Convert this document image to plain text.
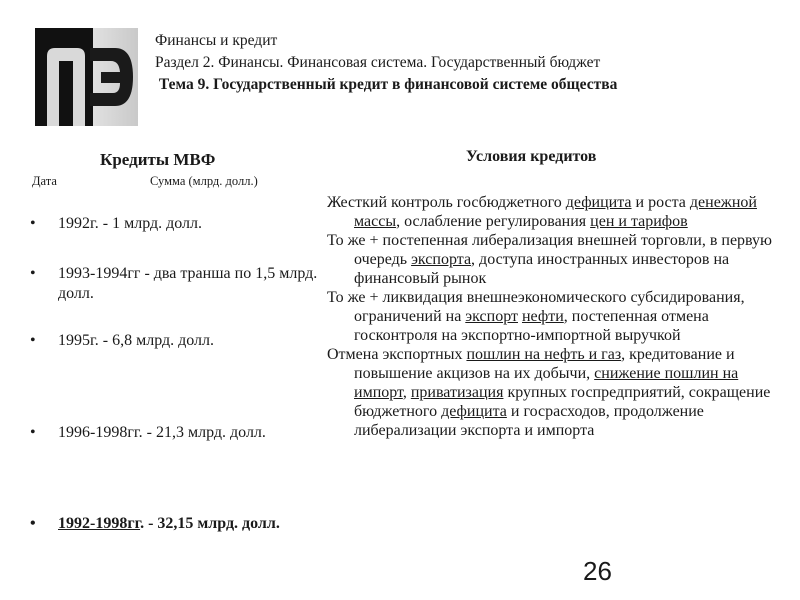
Финансы и кредит
Раздел 2. Финансы. Финансовая система. Государственный бюджет
Тема 9. Государственный кредит в финансовой системе общества
Кредиты МВФ
Дата	Сумма (млрд. долл.)
• 1992г. - 1 млрд. долл.
• 1993-1994гг - два транша по 1,5 млрд. долл.
• 1995г. - 6,8 млрд. долл.
• 1996-1998гг. - 21,3 млрд. долл.
• 1992-1998гг. - 32,15 млрд. долл.
Условия кредитов
Жесткий контроль госбюджетного дефицита и роста денежной массы, ослабление регулирования цен и тарифов
То же + постепенная либерализация внешней торговли, в первую очередь экспорта, доступа иностранных инвесторов на финансовый рынок
То же + ликвидация внешнеэкономического субсидирования, ограничений на экспорт нефти, постепенная отмена госконтроля на экспортно-импортной выручкой
Отмена экспортных пошлин на нефть и газ, кредитование и повышение акцизов на их добычи, снижение пошлин на импорт, приватизация крупных госпредприятий, сокращение бюджетного дефицита и госрасходов, продолжение либерализации экспорта и импорта
26
